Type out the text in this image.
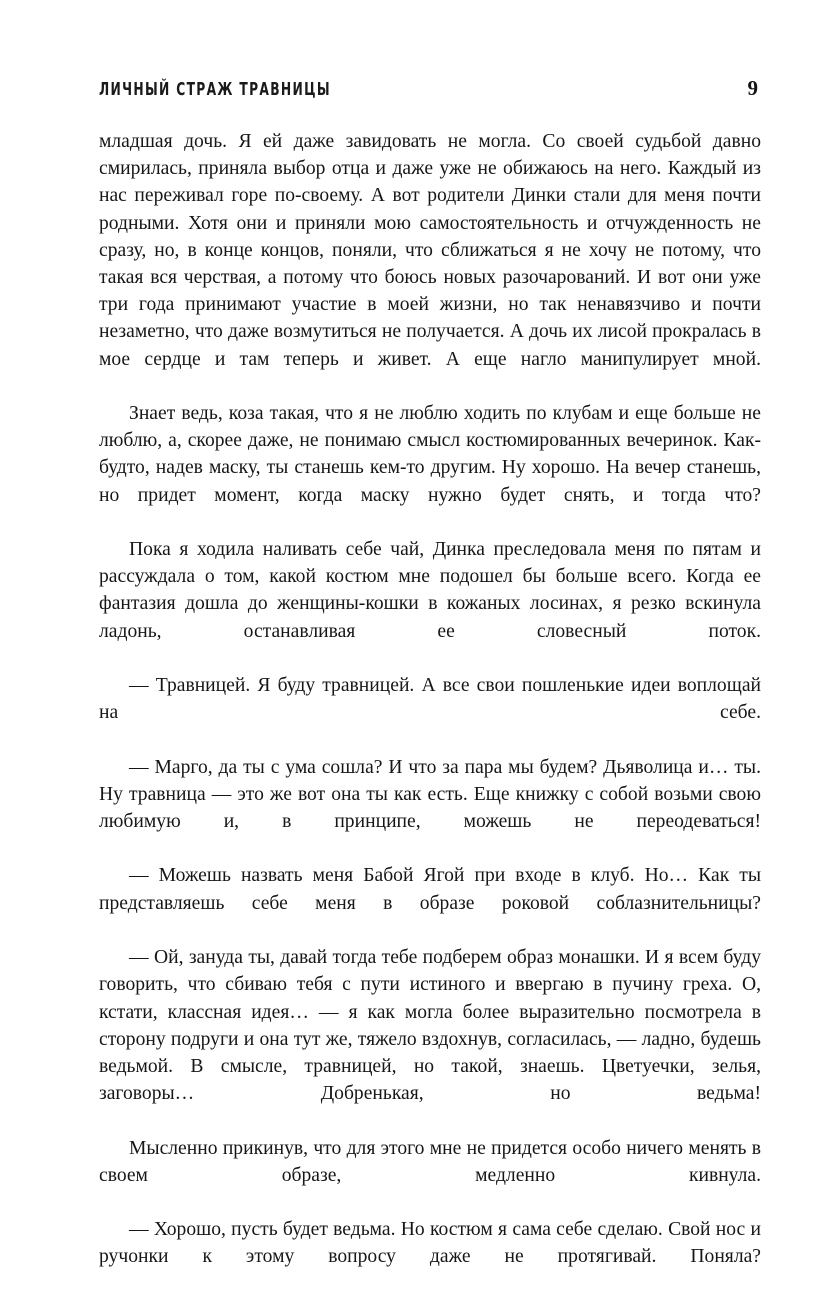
ЛИЧНЫЙ СТРАЖ ТРАВНИЦЫ	9

младшая дочь. Я ей даже завидовать не могла. Со своей судьбой давно смирилась, приняла выбор отца и даже уже не обижаюсь на него. Каждый из нас переживал горе по-своему. А вот родители Динки стали для меня почти родными. Хотя они и приняли мою самостоятельность и отчужденность не сразу, но, в конце концов, поняли, что сближаться я не хочу не потому, что такая вся черствая, а потому что боюсь новых разочарований. И вот они уже три года принимают участие в моей жизни, но так ненавязчиво и почти незаметно, что даже возмутиться не получается. А дочь их лисой прокралась в мое сердце и там теперь и живет. А еще нагло манипулирует мной.

Знает ведь, коза такая, что я не люблю ходить по клубам и еще больше не люблю, а, скорее даже, не понимаю смысл костюмированных вечеринок. Как-будто, надев маску, ты станешь кем-то другим. Ну хорошо. На вечер станешь, но придет момент, когда маску нужно будет снять, и тогда что?

Пока я ходила наливать себе чай, Динка преследовала меня по пятам и рассуждала о том, какой костюм мне подошел бы больше всего. Когда ее фантазия дошла до женщины-кошки в кожаных лосинах, я резко вскинула ладонь, останавливая ее словесный поток.

— Травницей. Я буду травницей. А все свои пошленькие идеи воплощай на себе.

— Марго, да ты с ума сошла? И что за пара мы будем? Дьяволица и… ты. Ну травница — это же вот она ты как есть. Еще книжку с собой возьми свою любимую и, в принципе, можешь не переодеваться!

— Можешь назвать меня Бабой Ягой при входе в клуб. Но… Как ты представляешь себе меня в образе роковой соблазнительницы?

— Ой, зануда ты, давай тогда тебе подберем образ монашки. И я всем буду говорить, что сбиваю тебя с пути истиного и ввергаю в пучину греха. О, кстати, классная идея… — я как могла более выразительно посмотрела в сторону подруги и она тут же, тяжело вздохнув, согласилась, — ладно, будешь ведьмой. В смысле, травницей, но такой, знаешь. Цветуечки, зелья, заговоры… Добренькая, но ведьма!

Мысленно прикинув, что для этого мне не придется особо ничего менять в своем образе, медленно кивнула.

— Хорошо, пусть будет ведьма. Но костюм я сама себе сделаю. Свой нос и ручонки к этому вопросу даже не протягивай. Поняла?
